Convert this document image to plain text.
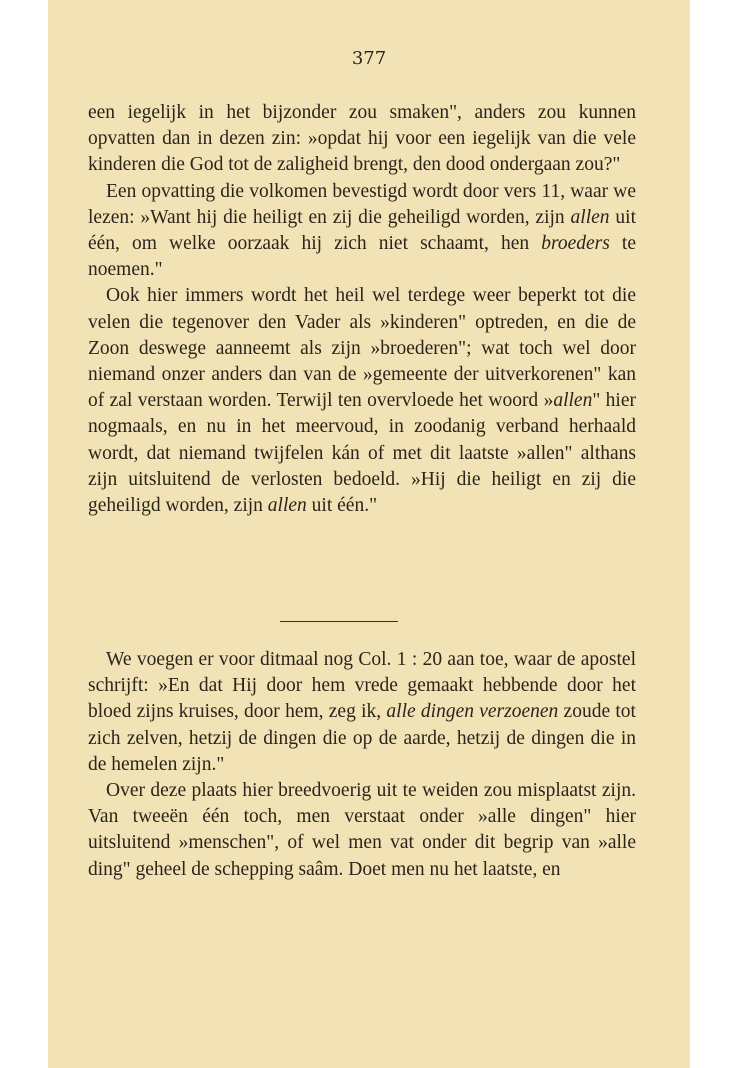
377

een iegelijk in het bijzonder zou smaken", anders zou kunnen opvatten dan in dezen zin: »opdat hij voor een iegelijk van die vele kinderen die God tot de zaligheid brengt, den dood ondergaan zou?"

Een opvatting die volkomen bevestigd wordt door vers 11, waar we lezen: »Want hij die heiligt en zij die geheiligd worden, zijn allen uit één, om welke oorzaak hij zich niet schaamt, hen broeders te noemen."

Ook hier immers wordt het heil wel terdege weer beperkt tot die velen die tegenover den Vader als »kinderen" optreden, en die de Zoon deswege aanneemt als zijn »broederen"; wat toch wel door niemand onzer anders dan van de »gemeente der uitverkorenen" kan of zal verstaan worden. Terwijl ten overvloede het woord »allen" hier nogmaals, en nu in het meervoud, in zoodanig verband herhaald wordt, dat niemand twijfelen kán of met dit laatste »allen" althans zijn uitsluitend de verlosten bedoeld. »Hij die heiligt en zij die geheiligd worden, zijn allen uit één."

We voegen er voor ditmaal nog Col. 1 : 20 aan toe, waar de apostel schrijft: »En dat Hij door hem vrede gemaakt hebbende door het bloed zijns kruises, door hem, zeg ik, alle dingen verzoenen zoude tot zich zelven, hetzij de dingen die op de aarde, hetzij de dingen die in de hemelen zijn."

Over deze plaats hier breedvoerig uit te weiden zou misplaatst zijn. Van tweeën één toch, men verstaat onder »alle dingen" hier uitsluitend »menschen", of wel men vat onder dit begrip van »alle ding" geheel de schepping saâm. Doet men nu het laatste, en
